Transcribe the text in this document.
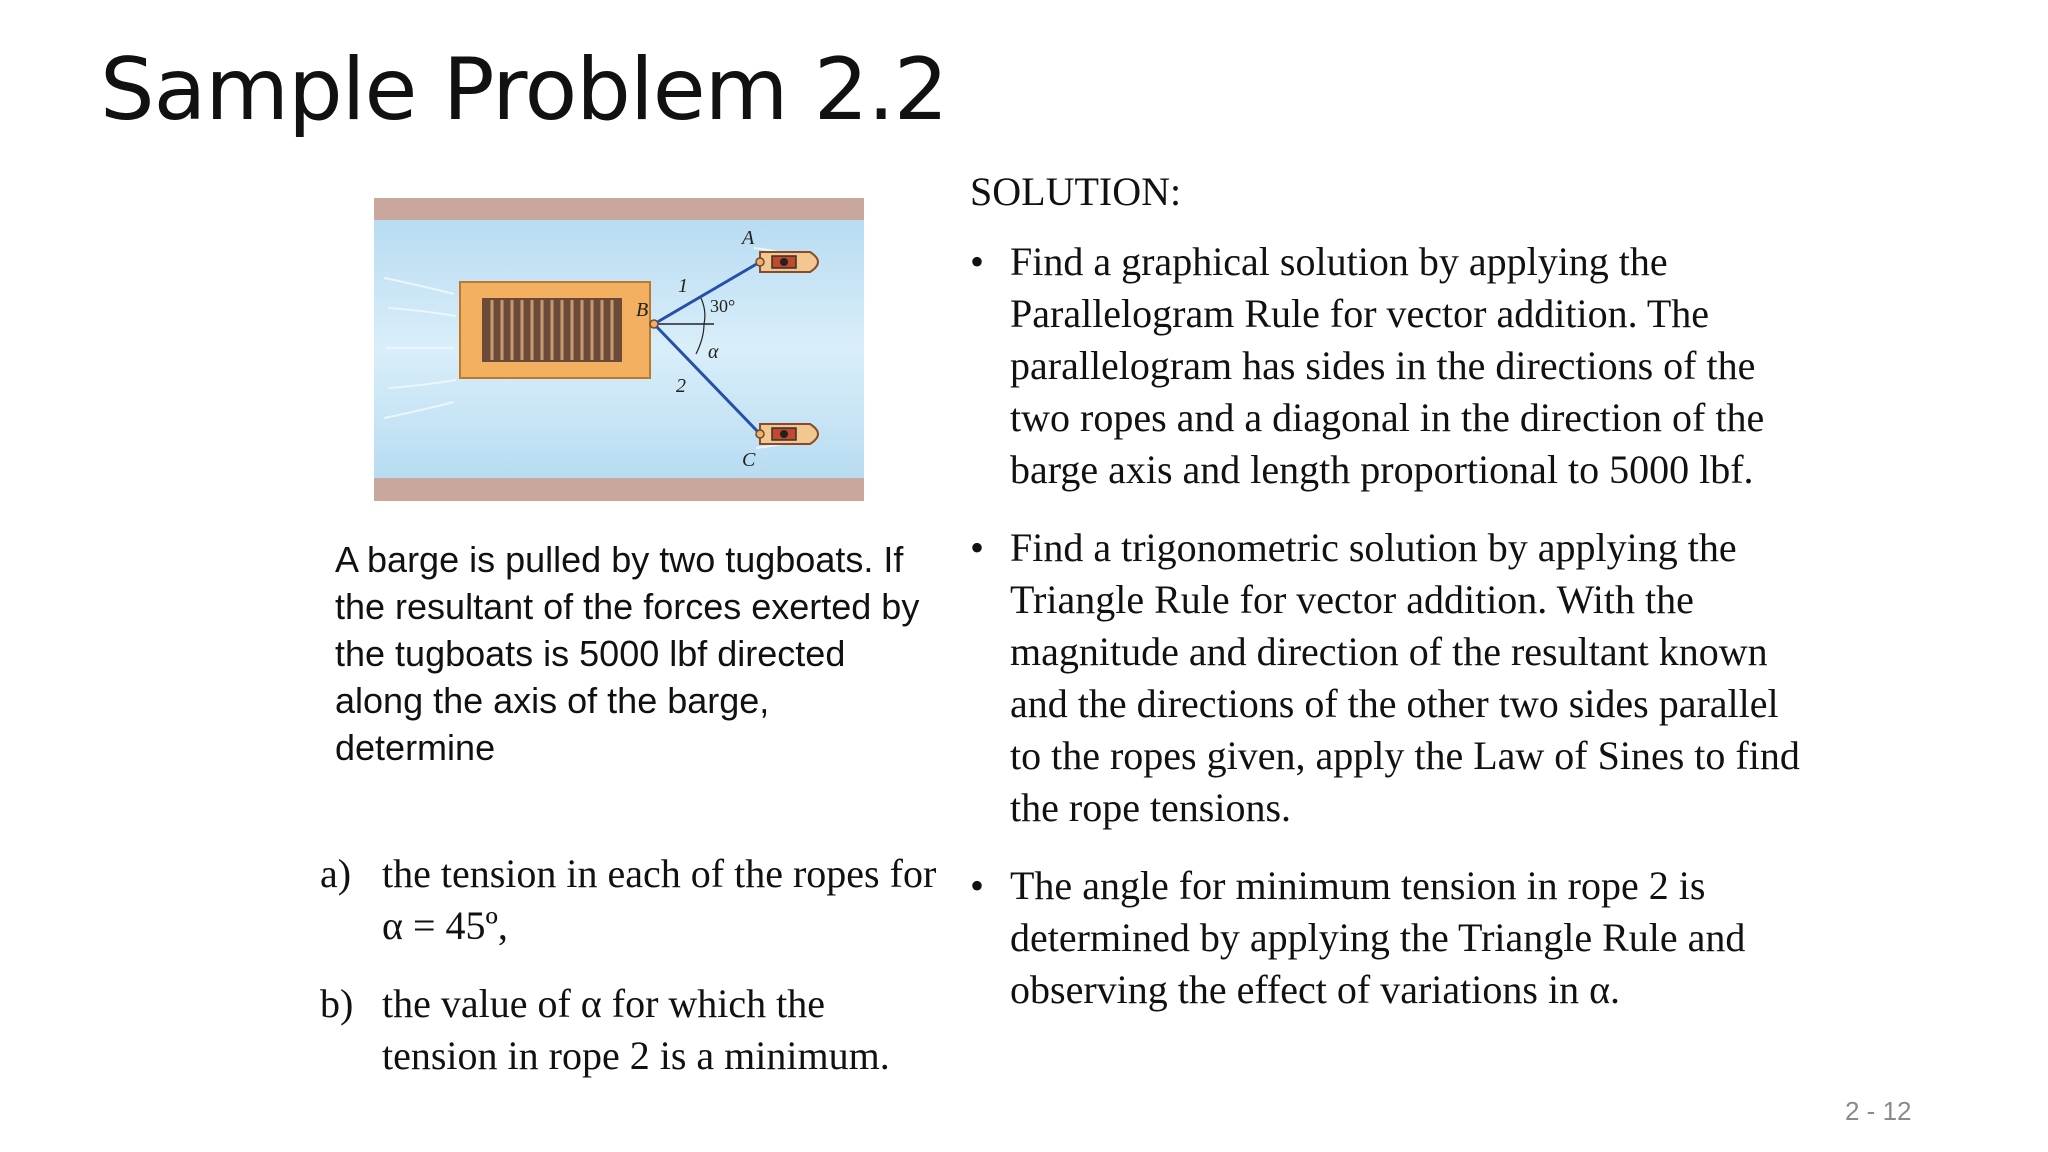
Sample Problem 2.2
A
B
C
1
2
α
30°

A barge is pulled by two tugboats. If the resultant of the forces exerted by the tugboats is 5000 lbf directed along the axis of the barge, determine

a) the tension in each of the ropes for α = 45º,
b) the value of α for which the tension in rope 2 is a minimum.

SOLUTION:

• Find a graphical solution by applying the Parallelogram Rule for vector addition. The parallelogram has sides in the directions of the two ropes and a diagonal in the direction of the barge axis and length proportional to 5000 lbf.
• Find a trigonometric solution by applying the Triangle Rule for vector addition. With the magnitude and direction of the resultant known and the directions of the other two sides parallel to the ropes given, apply the Law of Sines to find the rope tensions.
• The angle for minimum tension in rope 2 is determined by applying the Triangle Rule and observing the effect of variations in α.
2 - 12
